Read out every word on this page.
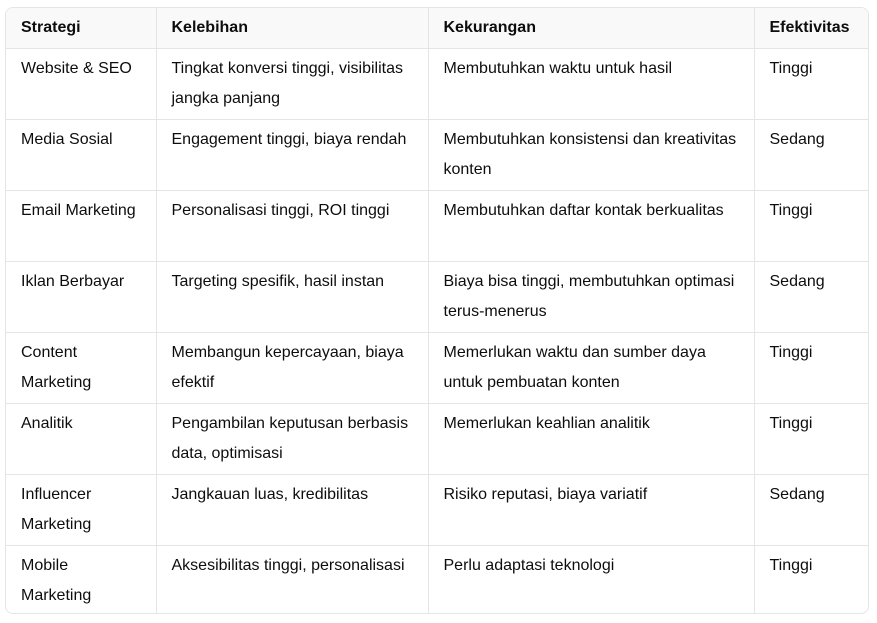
Strategi	Kelebihan	Kekurangan	Efektivitas
Website & SEO	Tingkat konversi tinggi, visibilitas jangka panjang	Membutuhkan waktu untuk hasil	Tinggi
Media Sosial	Engagement tinggi, biaya rendah	Membutuhkan konsistensi dan kreativitas konten	Sedang
Email Marketing	Personalisasi tinggi, ROI tinggi	Membutuhkan daftar kontak berkualitas	Tinggi
Iklan Berbayar	Targeting spesifik, hasil instan	Biaya bisa tinggi, membutuhkan optimasi terus-menerus	Sedang
Content Marketing	Membangun kepercayaan, biaya efektif	Memerlukan waktu dan sumber daya untuk pembuatan konten	Tinggi
Analitik	Pengambilan keputusan berbasis data, optimisasi	Memerlukan keahlian analitik	Tinggi
Influencer Marketing	Jangkauan luas, kredibilitas	Risiko reputasi, biaya variatif	Sedang
Mobile Marketing	Aksesibilitas tinggi, personalisasi	Perlu adaptasi teknologi	Tinggi
